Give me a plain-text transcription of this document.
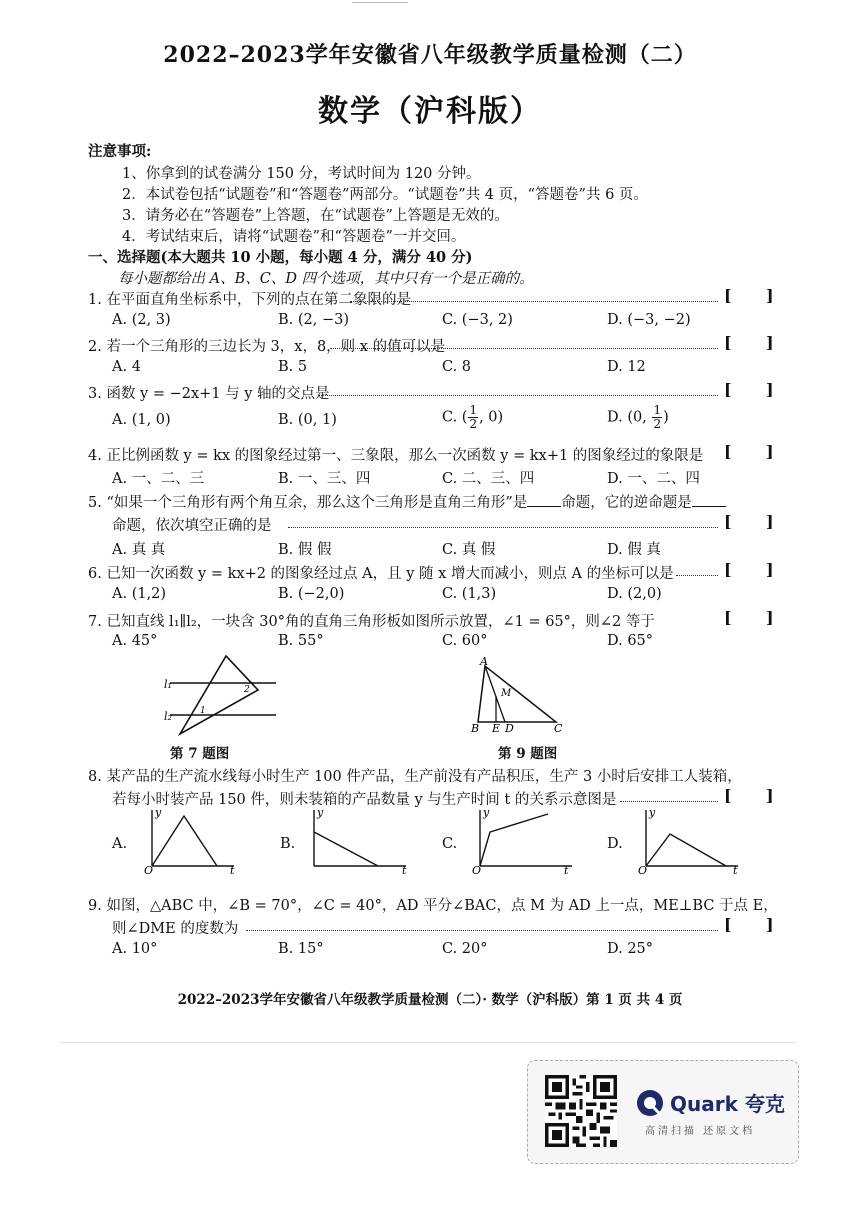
2022–2023学年安徽省八年级教学质量检测（二）
数学（沪科版）
注意事项:
1、你拿到的试卷满分 150 分，考试时间为 120 分钟。
2．本试卷包括“试题卷”和“答题卷”两部分。“试题卷”共 4 页，“答题卷”共 6 页。
3．请务必在“答题卷”上答题，在“试题卷”上答题是无效的。
4．考试结束后，请将“试题卷”和“答题卷”一并交回。
一、选择题(本大题共 10 小题，每小题 4 分，满分 40 分)
每小题都给出 A、B、C、D 四个选项，其中只有一个是正确的。
1. 在平面直角坐标系中，下列的点在第二象限的是	[ ]
A. (2, 3)	B. (2, −3)	C. (−3, 2)	D. (−3, −2)
2. 若一个三角形的三边长为 3，x，8，则 x 的值可以是	[ ]
A. 4	B. 5	C. 8	D. 12
3. 函数 y = −2x+1 与 y 轴的交点是	[ ]
A. (1, 0)	B. (0, 1)	C. ( $\frac{1}{2}$ , 0)	D. (0, $\frac{1}{2}$ )
4. 正比例函数 y = kx 的图象经过第一、三象限，那么一次函数 y = kx+1 的图象经过的象限是 [ ]
A. 一、二、三	B. 一、三、四	C. 二、三、四	D. 一、二、四
5. “如果一个三角形有两个角互余，那么这个三角形是直角三角形”是 命题，它的逆命题是
命题，依次填空正确的是	[ ]
A. 真 真	B. 假 假	C. 真 假	D. 假 真
6. 已知一次函数 y = kx+2 的图象经过点 A，且 y 随 x 增大而减小，则点 A 的坐标可以是	[ ]
A. (1,2)	B. (−2,0)	C. (1,3)	D. (2,0)
7. 已知直线 l₁∥l₂，一块含 30°角的直角三角形板如图所示放置，∠1 = 65°，则∠2 等于	[ ]
A. 45°	B. 55°	C. 60°	D. 65°
l₁
l₂	1
2
第 7 题图
A
B E D	C
M
第 9 题图
8. 某产品的生产流水线每小时生产 100 件产品，生产前没有产品积压，生产 3 小时后安排工人装箱，
若每小时装产品 150 件，则未装箱的产品数量 y 与生产时间 t 的关系示意图是	[ ]
A.
y
O	t
B.
y
t
C.
y
O	t
D.
y
O	t
9. 如图，△ABC 中，∠B = 70°，∠C = 40°，AD 平分∠BAC，点 M 为 AD 上一点，ME⊥BC 于点 E，
则∠DME 的度数为	[ ]
A. 10°	B. 15°	C. 20°	D. 25°
2022–2023学年安徽省八年级教学质量检测（二）· 数学（沪科版）第 1 页 共 4 页
Quark 夸克
高清扫描 还原文档
